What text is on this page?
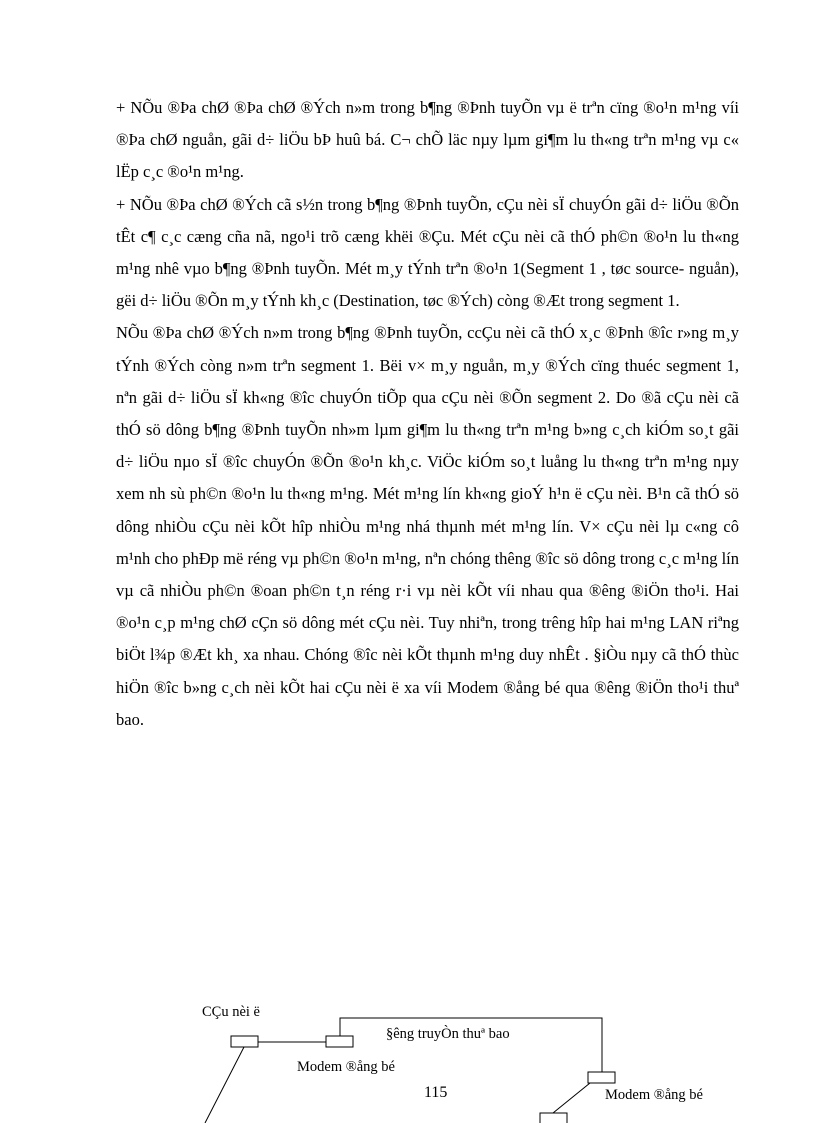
+ NÕu ®Þa chØ ®Þa chØ ®Ých n»m trong b¶ng ®Þnh tuyÕn vµ ë trªn cïng ®o¹n m¹ng víi ®Þa chØ nguån, gãi d÷ liÖu bÞ huû bá. C¬ chÕ läc nµy lµm gi¶m lu th«ng trªn m¹ng vµ c« lËp c¸c ®o¹n m¹ng.

+ NÕu ®Þa chØ ®Ých cã s½n trong b¶ng ®Þnh tuyÕn, cÇu nèi sÏ chuyÓn gãi d÷ liÖu ®Õn tÊt c¶ c¸c cæng cña nã, ngo¹i trõ cæng khëi ®Çu. Mét cÇu nèi cã thÓ ph©n ®o¹n lu th«ng m¹ng nhê vµo b¶ng ®Þnh tuyÕn. Mét m¸y tÝnh trªn ®o¹n 1(Segment 1 , tøc source- nguån), gëi d÷ liÖu ®Õn m¸y tÝnh kh¸c (Destination, tøc ®Ých) còng ®Æt trong segment 1.

NÕu ®Þa chØ ®Ých n»m trong b¶ng ®Þnh tuyÕn, ccÇu nèi cã thÓ x¸c ®Þnh ®îc r»ng m¸y tÝnh ®Ých còng n»m trªn segment 1. Bëi v× m¸y nguån, m¸y ®Ých cïng thuéc segment 1, nªn gãi d÷ liÖu sÏ kh«ng ®îc chuyÓn tiÕp qua cÇu nèi ®Õn segment 2. Do ®ã cÇu nèi cã thÓ sö dông b¶ng ®Þnh tuyÕn nh»m lµm gi¶m lu th«ng trªn m¹ng b»ng c¸ch kiÓm so¸t gãi d÷ liÖu nµo sÏ ®îc chuyÓn ®Õn ®o¹n kh¸c. ViÖc kiÓm so¸t luång lu th«ng trªn m¹ng nµy xem nh sù ph©n ®o¹n lu th«ng m¹ng. Mét m¹ng lín kh«ng gioÝ h¹n ë cÇu nèi. B¹n cã thÓ sö dông nhiÒu cÇu nèi kÕt hîp nhiÒu m¹ng nhá thµnh mét m¹ng lín. V× cÇu nèi lµ c«ng cô m¹nh cho phÐp më réng vµ ph©n ®o¹n m¹ng, nªn chóng thêng ®îc sö dông trong c¸c m¹ng lín vµ cã nhiÒu ph©n ®oan ph©n t¸n réng r·i vµ nèi kÕt víi nhau qua ®êng ®iÖn tho¹i. Hai ®o¹n c¸p m¹ng chØ cÇn sö dông mét cÇu nèi. Tuy nhiªn, trong trêng hîp hai m¹ng LAN riªng biÖt l¾p ®Æt kh¸ xa nhau. Chóng ®îc nèi kÕt thµnh m¹ng duy nhÊt . §iÒu nµy cã thÓ thùc hiÖn ®îc b»ng c¸ch nèi kÕt hai cÇu nèi ë xa víi Modem ®ång bé qua ®êng ®iÖn tho¹i thuª bao.

CÇu nèi ë
§êng truyÒn thuª bao
Modem ®ång bé
Modem ®ång bé
115
